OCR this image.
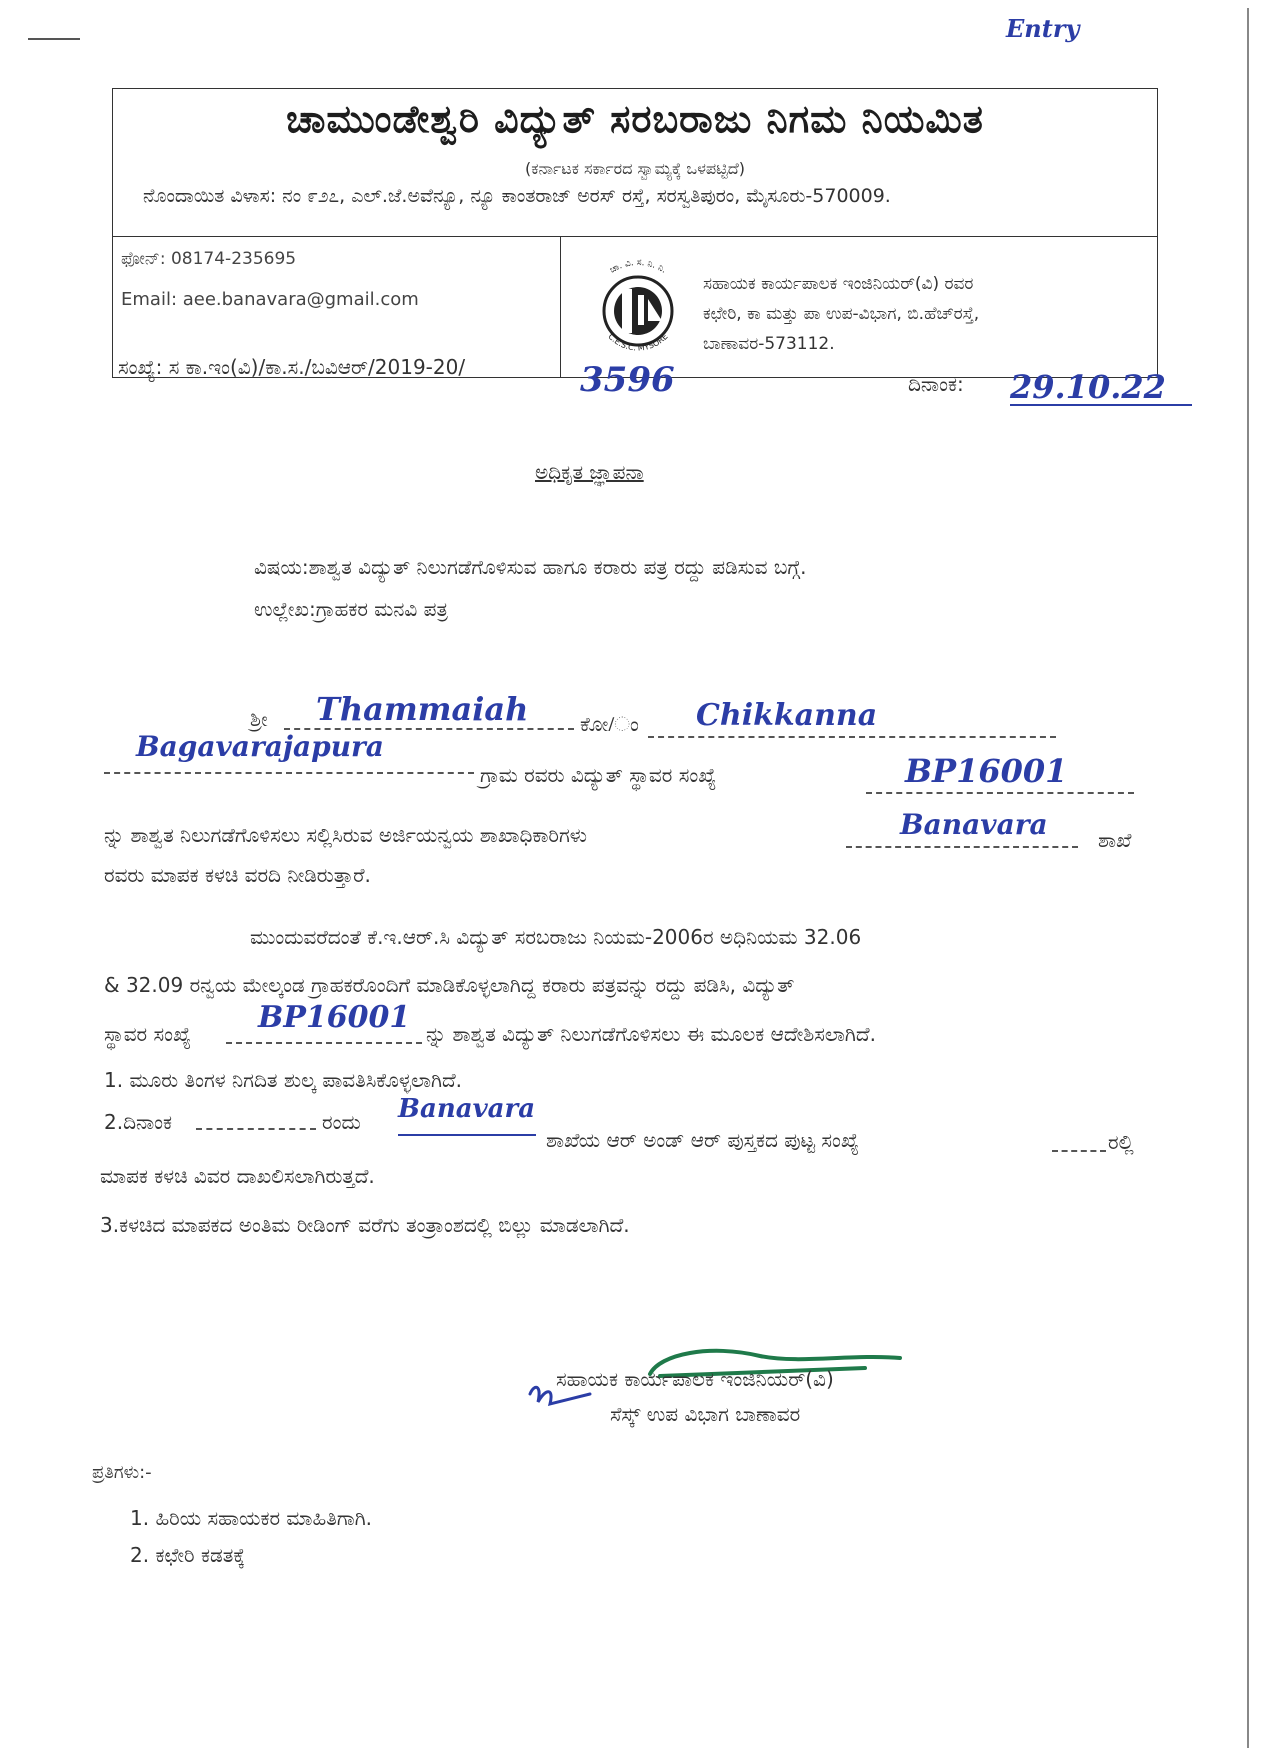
Entry
ಚಾಮುಂಡೇಶ್ವರಿ ವಿದ್ಯುತ್ ಸರಬರಾಜು ನಿಗಮ ನಿಯಮಿತ
(ಕರ್ನಾಟಕ ಸರ್ಕಾರದ ಸ್ವಾಮ್ಯಕ್ಕೆ ಒಳಪಟ್ಟಿದೆ)
ನೊಂದಾಯಿತ ವಿಳಾಸ: ನಂ ೯೨೭, ಎಲ್.ಜೆ.ಅವೆನ್ಯೂ, ನ್ಯೂ ಕಾಂತರಾಜ್ ಅರಸ್ ರಸ್ತೆ, ಸರಸ್ವತಿಪುರಂ, ಮೈಸೂರು-570009.
ಫೋನ್: 08174-235695
Email: aee.banavara@gmail.com
ಚಾ. ವಿ. ಸ. ನಿ. ನಿ.
C.E.S.C. MYSORE
ಸಹಾಯಕ ಕಾರ್ಯಪಾಲಕ ಇಂಜಿನಿಯರ್(ವಿ) ರವರ
ಕಛೇರಿ, ಕಾ ಮತ್ತು ಪಾ ಉಪ-ವಿಭಾಗ, ಬಿ.ಹೆಚ್‌ರಸ್ತೆ,
ಬಾಣಾವರ-573112.
ಸಂಖ್ಯೆ: ಸ ಕಾ.ಇಂ(ವಿ)/ಕಾ.ಸ./ಬವಿಆರ್/2019-20/	3596	ದಿನಾಂಕ: 29.10.22
ಅಧಿಕೃತ ಜ್ಞಾಪನಾ
ವಿಷಯ:ಶಾಶ್ವತ ವಿದ್ಯುತ್ ನಿಲುಗಡೆಗೊಳಿಸುವ ಹಾಗೂ ಕರಾರು ಪತ್ರ ರದ್ದು ಪಡಿಸುವ ಬಗ್ಗೆ.
ಉಲ್ಲೇಖ:ಗ್ರಾಹಕರ ಮನವಿ ಪತ್ರ
ಶ್ರೀ Thammaiah	ಕೋ/ಂ Chikkanna
Bagavarajapura
ಗ್ರಾಮ ರವರು ವಿದ್ಯುತ್ ಸ್ಥಾವರ ಸಂಖ್ಯೆ	BP16001
ನ್ನು ಶಾಶ್ವತ ನಿಲುಗಡೆಗೊಳಿಸಲು ಸಲ್ಲಿಸಿರುವ ಅರ್ಜಿಯನ್ವಯ ಶಾಖಾಧಿಕಾರಿಗಳು	Banavara	ಶಾಖೆ
ರವರು ಮಾಪಕ ಕಳಚಿ ವರದಿ ನೀಡಿರುತ್ತಾರೆ.
ಮುಂದುವರೆದಂತೆ ಕೆ.ಇ.ಆರ್.ಸಿ ವಿದ್ಯುತ್ ಸರಬರಾಜು ನಿಯಮ-2006ರ ಅಧಿನಿಯಮ 32.06
& 32.09 ರನ್ವಯ ಮೇಲ್ಕಂಡ ಗ್ರಾಹಕರೊಂದಿಗೆ ಮಾಡಿಕೊಳ್ಳಲಾಗಿದ್ದ ಕರಾರು ಪತ್ರವನ್ನು ರದ್ದು ಪಡಿಸಿ, ವಿದ್ಯುತ್
ಸ್ಥಾವರ ಸಂಖ್ಯೆ BP16001 ನ್ನು ಶಾಶ್ವತ ವಿದ್ಯುತ್ ನಿಲುಗಡೆಗೊಳಿಸಲು ಈ ಮೂಲಕ ಆದೇಶಿಸಲಾಗಿದೆ.
1. ಮೂರು ತಿಂಗಳ ನಿಗದಿತ ಶುಲ್ಕ ಪಾವತಿಸಿಕೊಳ್ಳಲಾಗಿದೆ.
2.ದಿನಾಂಕ	ರಂದು Banavara
ಶಾಖೆಯ ಆರ್ ಅಂಡ್ ಆರ್ ಪುಸ್ತಕದ ಪುಟ್ಟ ಸಂಖ್ಯೆ	ರಲ್ಲಿ
ಮಾಪಕ ಕಳಚಿ ವಿವರ ದಾಖಲಿಸಲಾಗಿರುತ್ತದೆ.
3.ಕಳಚಿದ ಮಾಪಕದ ಅಂತಿಮ ರೀಡಿಂಗ್ ವರೆಗು ತಂತ್ರಾಂಶದಲ್ಲಿ ಬಿಲ್ಲು ಮಾಡಲಾಗಿದೆ.
ಸಹಾಯಕ ಕಾರ್ಯಪಾಲಕ ಇಂಜಿನಿಯರ್(ವಿ)
ಸೆಸ್ಕ್ ಉಪ ವಿಭಾಗ ಬಾಣಾವರ
ಪ್ರತಿಗಳು:-
1. ಹಿರಿಯ ಸಹಾಯಕರ ಮಾಹಿತಿಗಾಗಿ.
2. ಕಛೇರಿ ಕಡತಕ್ಕೆ
